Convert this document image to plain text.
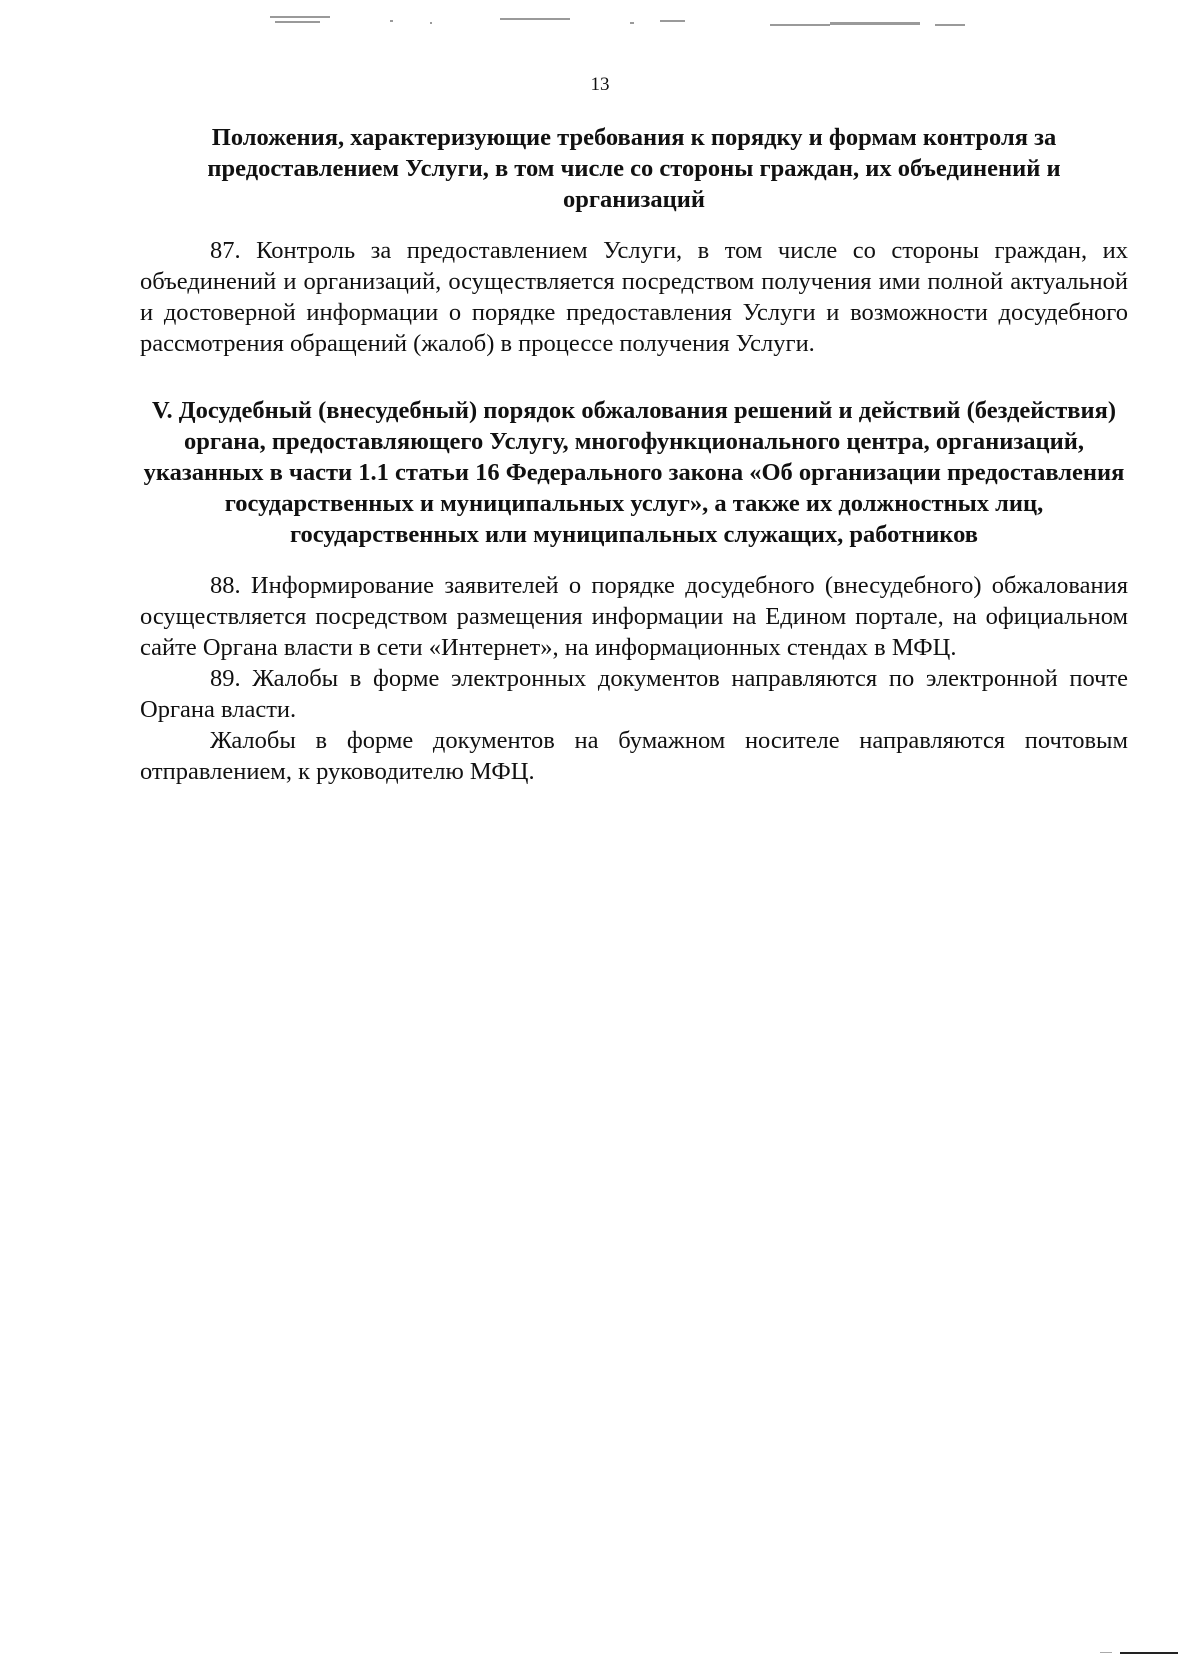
13

Положения, характеризующие требования к порядку и формам контроля за предоставлением Услуги, в том числе со стороны граждан, их объединений и организаций

87. Контроль за предоставлением Услуги, в том числе со стороны граждан, их объединений и организаций, осуществляется посредством получения ими полной актуальной и достоверной информации о порядке предоставления Услуги и возможности досудебного рассмотрения обращений (жалоб) в процессе получения Услуги.

V. Досудебный (внесудебный) порядок обжалования решений и действий (бездействия) органа, предоставляющего Услугу, многофункционального центра, организаций, указанных в части 1.1 статьи 16 Федерального закона «Об организации предоставления государственных и муниципальных услуг», а также их должностных лиц, государственных или муниципальных служащих, работников

88. Информирование заявителей о порядке досудебного (внесудебного) обжалования осуществляется посредством размещения информации на Едином портале, на официальном сайте Органа власти в сети «Интернет», на информационных стендах в МФЦ.

89. Жалобы в форме электронных документов направляются по электронной почте Органа власти.

Жалобы в форме документов на бумажном носителе направляются почтовым отправлением, к руководителю МФЦ.
